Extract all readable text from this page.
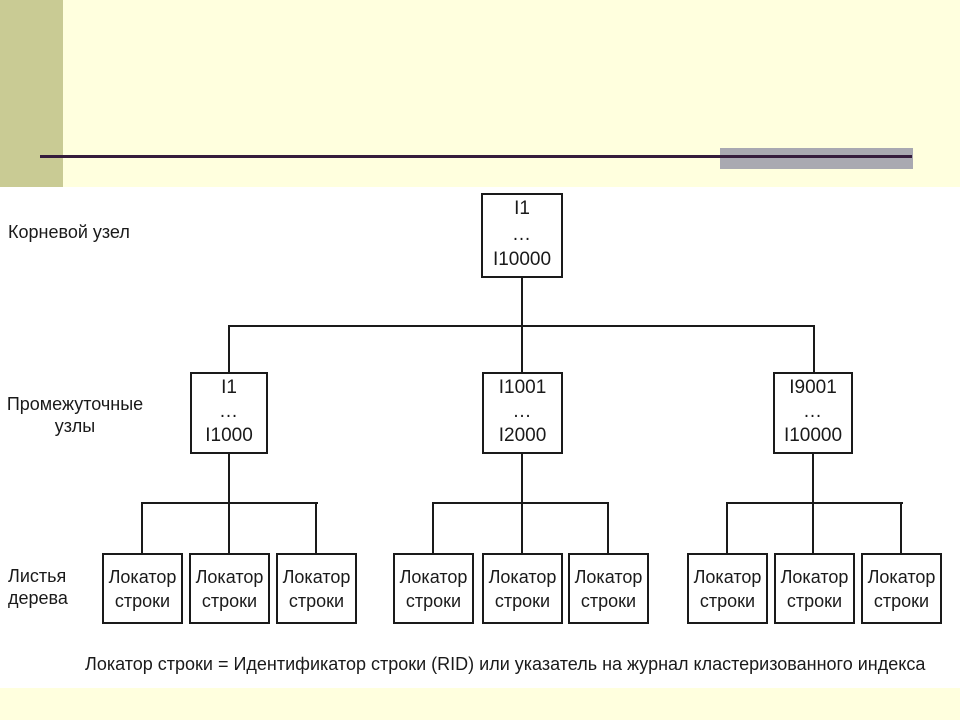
Корневой узел
Промежуточные
узлы
Листья
дерева
I1
…
I10000
I1
…
I1000
I1001
…
I2000
I9001
…
I10000
Локатор
строки
Локатор
строки
Локатор
строки
Локатор
строки
Локатор
строки
Локатор
строки
Локатор
строки
Локатор
строки
Локатор
строки
Локатор строки = Идентификатор строки (RID) или указатель на журнал кластеризованного индекса
